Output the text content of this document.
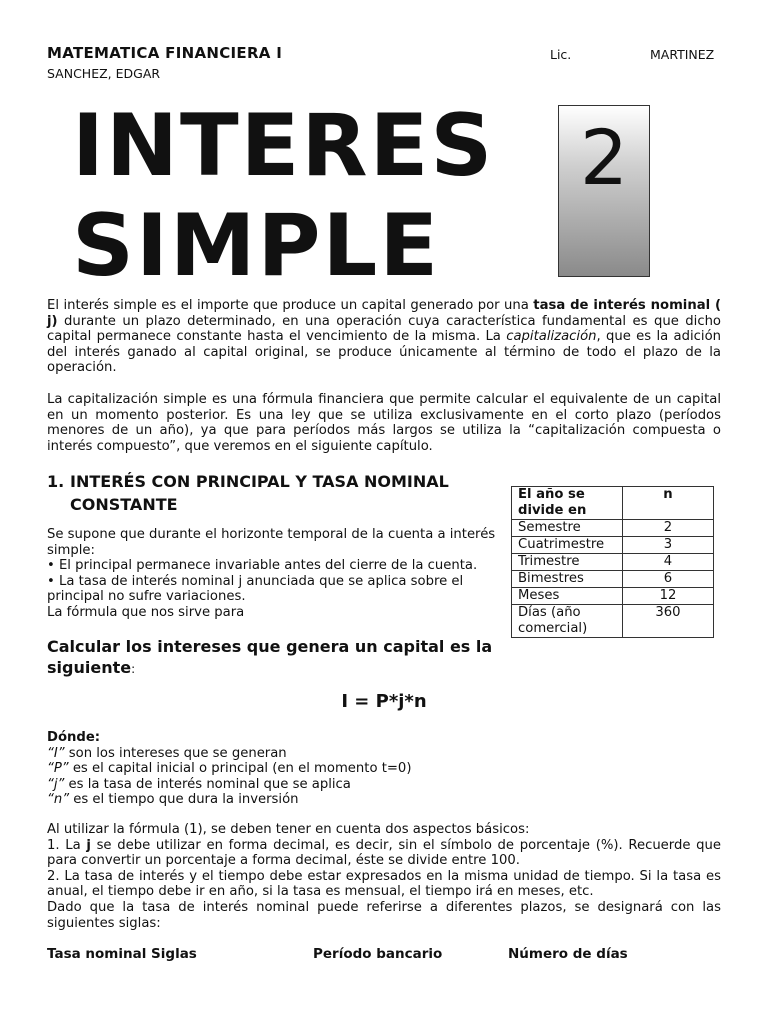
MATEMATICA FINANCIERA I	Lic.	MARTINEZ
SANCHEZ, EDGAR
INTERES
SIMPLE
2
El interés simple es el importe que produce un capital generado por una tasa de interés nominal ( j) durante un plazo determinado, en una operación cuya característica fundamental es que dicho capital permanece constante hasta el vencimiento de la misma. La capitalización, que es la adición del interés ganado al capital original, se produce únicamente al término de todo el plazo de la operación.
La capitalización simple es una fórmula financiera que permite calcular el equivalente de un capital en un momento posterior. Es una ley que se utiliza exclusivamente en el corto plazo (períodos menores de un año), ya que para períodos más largos se utiliza la “capitalización compuesta o interés compuesto”, que veremos en el siguiente capítulo.
1. INTERÉS CON PRINCIPAL Y TASA NOMINAL
CONSTANTE
Se supone que durante el horizonte temporal de la cuenta a interés simple:
• El principal permanece invariable antes del cierre de la cuenta.
• La tasa de interés nominal j anunciada que se aplica sobre el principal no sufre variaciones.
La fórmula que nos sirve para
Calcular los intereses que genera un capital es la siguiente:
I = P*j*n
El año se divide en	n
Semestre	2
Cuatrimestre	3
Trimestre	4
Bimestres	6
Meses	12
Días (año comercial)	360
Dónde:
“I” son los intereses que se generan
“P” es el capital inicial o principal (en el momento t=0)
“j” es la tasa de interés nominal que se aplica
“n” es el tiempo que dura la inversión
Al utilizar la fórmula (1), se deben tener en cuenta dos aspectos básicos:
1. La j se debe utilizar en forma decimal, es decir, sin el símbolo de porcentaje (%). Recuerde que para convertir un porcentaje a forma decimal, éste se divide entre 100.
2. La tasa de interés y el tiempo debe estar expresados en la misma unidad de tiempo. Si la tasa es anual, el tiempo debe ir en año, si la tasa es mensual, el tiempo irá en meses, etc.
Dado que la tasa de interés nominal puede referirse a diferentes plazos, se designará con las siguientes siglas:
Tasa nominal Siglas	Período bancario	Número de días
